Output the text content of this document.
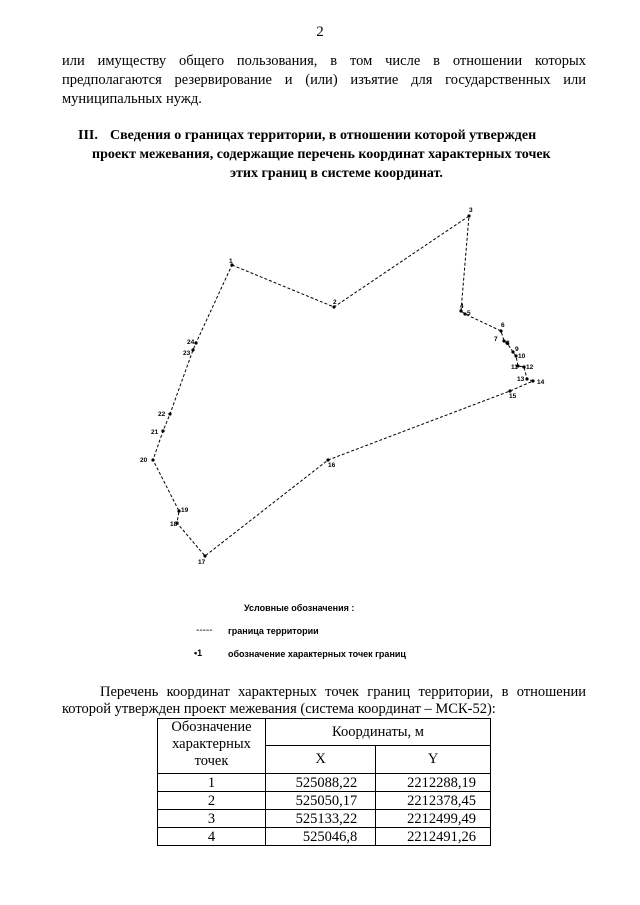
2
или имуществу общего пользования, в том числе в отношении которых предполагаются резервирование и (или) изъятие для государственных или муниципальных нужд.
III. Сведения о границах территории, в отношении которой утвержден
проект межевания, содержащие перечень координат характерных точек
этих границ в системе координат.
1
2
3
4
5
6
7
8
9
10
11 12
13 14
15
16
17
18
19
20
21
22
23
24
Условные обозначения :
----- граница территории
•1	обозначение характерных точек границ
Перечень координат характерных точек границ территории, в отношении
которой утвержден проект межевания (система координат – МСК-52):
Обозначение характерных точек	Координаты, м	
	X	Y
1	525088,22	2212288,19
2	525050,17	2212378,45
3	525133,22	2212499,49
4	525046,8	2212491,26
